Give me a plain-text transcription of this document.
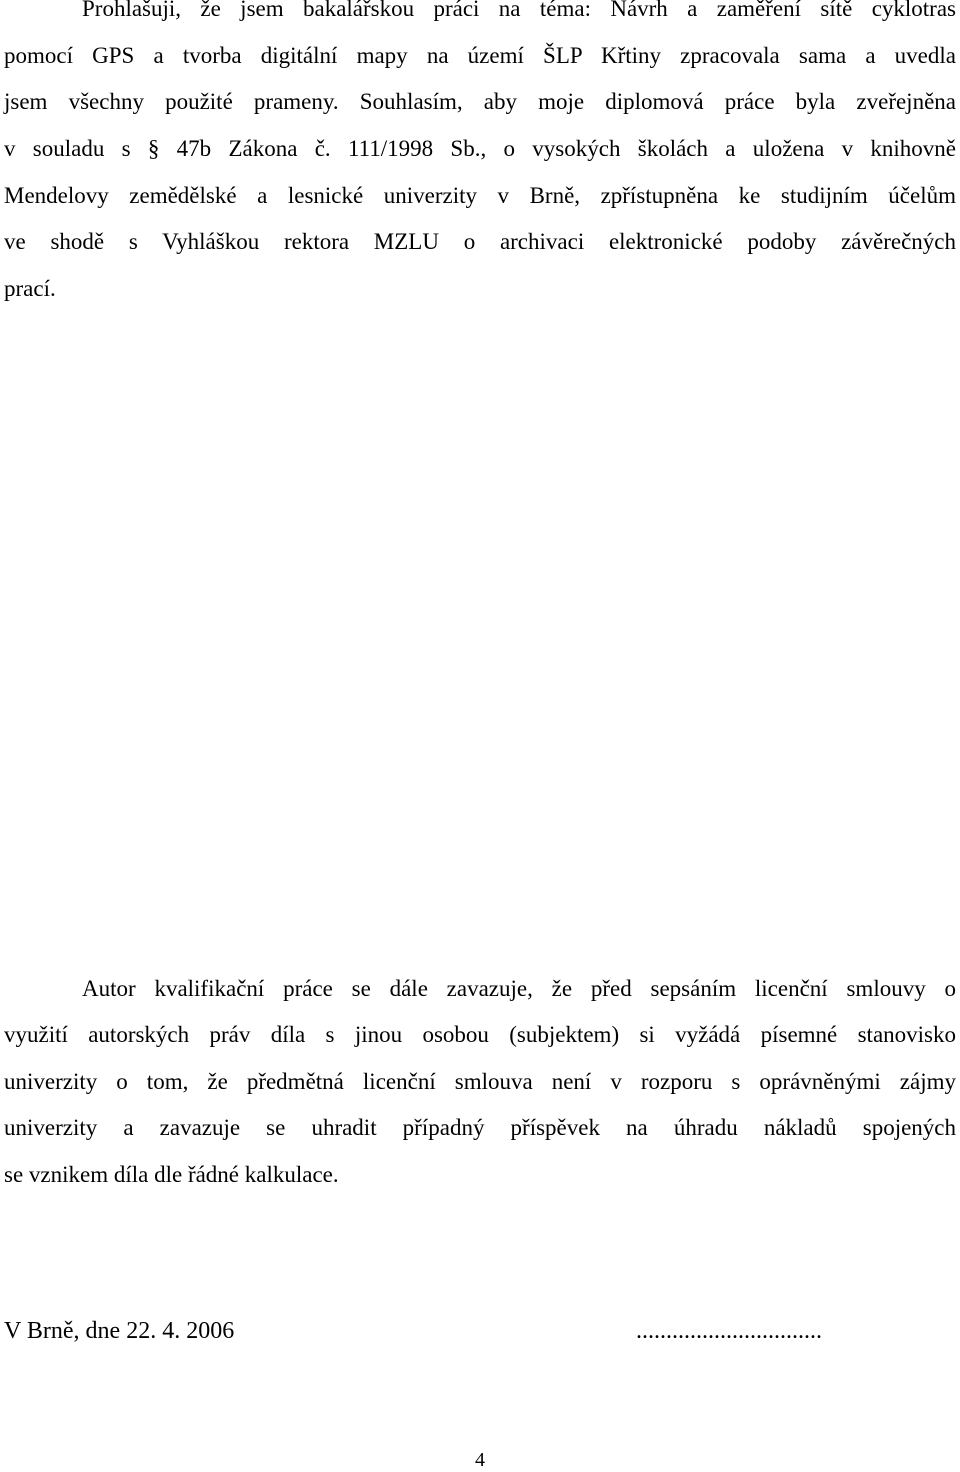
Prohlašuji, že jsem bakalářskou práci na téma: Návrh a zaměření sítě cyklotras
pomocí GPS a tvorba digitální mapy na území ŠLP Křtiny zpracovala sama a uvedla
jsem všechny použité prameny. Souhlasím, aby moje diplomová práce byla zveřejněna
v souladu s § 47b Zákona č. 111/1998 Sb., o vysokých školách a uložena v knihovně
Mendelovy zemědělské a lesnické univerzity v Brně, zpřístupněna ke studijním účelům
ve shodě s Vyhláškou rektora MZLU o archivaci elektronické podoby závěrečných
prací.
Autor kvalifikační práce se dále zavazuje, že před sepsáním licenční smlouvy o
využití autorských práv díla s jinou osobou (subjektem) si vyžádá písemné stanovisko
univerzity o tom, že předmětná licenční smlouva není v rozporu s oprávněnými zájmy
univerzity a zavazuje se uhradit případný příspěvek na úhradu nákladů spojených
se vznikem díla dle řádné kalkulace.
V Brně, dne 22. 4. 2006	...............................
4
